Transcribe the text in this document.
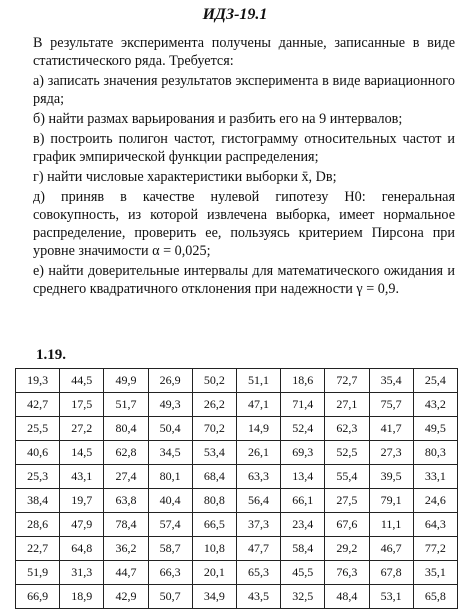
ИДЗ-19.1

В результате эксперимента получены данные, записанные в виде статистического ряда. Требуется:

а) записать значения результатов эксперимента в виде вариационного ряда;

б) найти размах варьирования и разбить его на 9 интервалов;

в) построить полигон частот, гистограмму относительных частот и график эмпирической функции распределения;

г) найти числовые характеристики выборки x̄, Dв;

д) приняв в качестве нулевой гипотезу H0: генеральная совокупность, из которой извлечена выборка, имеет нормальное распределение, проверить ее, пользуясь критерием Пирсона при уровне значимости α = 0,025;

е) найти доверительные интервалы для математического ожидания и среднего квадратичного отклонения при надежности γ = 0,9.

1.19.
19,3	44,5	49,9	26,9	50,2	51,1	18,6	72,7	35,4	25,4
42,7	17,5	51,7	49,3	26,2	47,1	71,4	27,1	75,7	43,2
25,5	27,2	80,4	50,4	70,2	14,9	52,4	62,3	41,7	49,5
40,6	14,5	62,8	34,5	53,4	26,1	69,3	52,5	27,3	80,3
25,3	43,1	27,4	80,1	68,4	63,3	13,4	55,4	39,5	33,1
38,4	19,7	63,8	40,4	80,8	56,4	66,1	27,5	79,1	24,6
28,6	47,9	78,4	57,4	66,5	37,3	23,4	67,6	11,1	64,3
22,7	64,8	36,2	58,7	10,8	47,7	58,4	29,2	46,7	77,2
51,9	31,3	44,7	66,3	20,1	65,3	45,5	76,3	67,8	35,1
66,9	18,9	42,9	50,7	34,9	43,5	32,5	48,4	53,1	65,8
